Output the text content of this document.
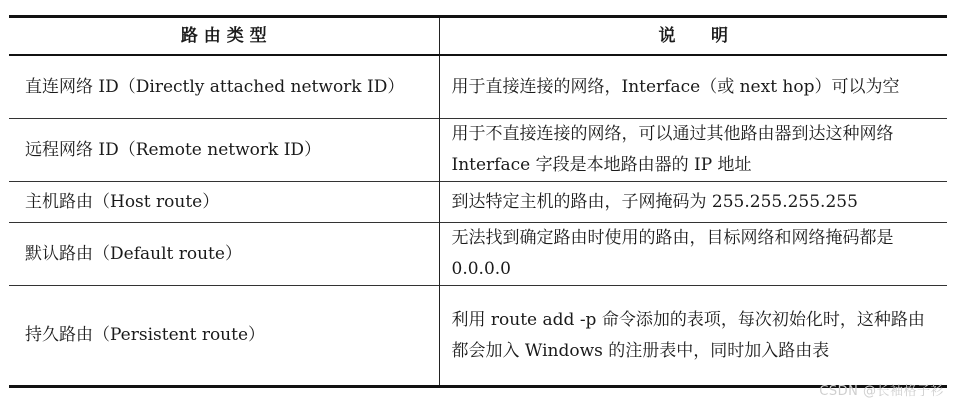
路 由 类 型	说      明
直连网络 ID（Directly attached network ID）	用于直接连接的网络，Interface（或 next hop）可以为空
远程网络 ID（Remote network ID）	用于不直接连接的网络，可以通过其他路由器到达这种网络 Interface 字段是本地路由器的 IP 地址
主机路由（Host route）	到达特定主机的路由，子网掩码为 255.255.255.255
默认路由（Default route）	无法找到确定路由时使用的路由，目标网络和网络掩码都是 0.0.0.0
持久路由（Persistent route）	利用 route add -p 命令添加的表项，每次初始化时，这种路由都会加入 Windows 的注册表中，同时加入路由表
CSDN @长袖格子衫
